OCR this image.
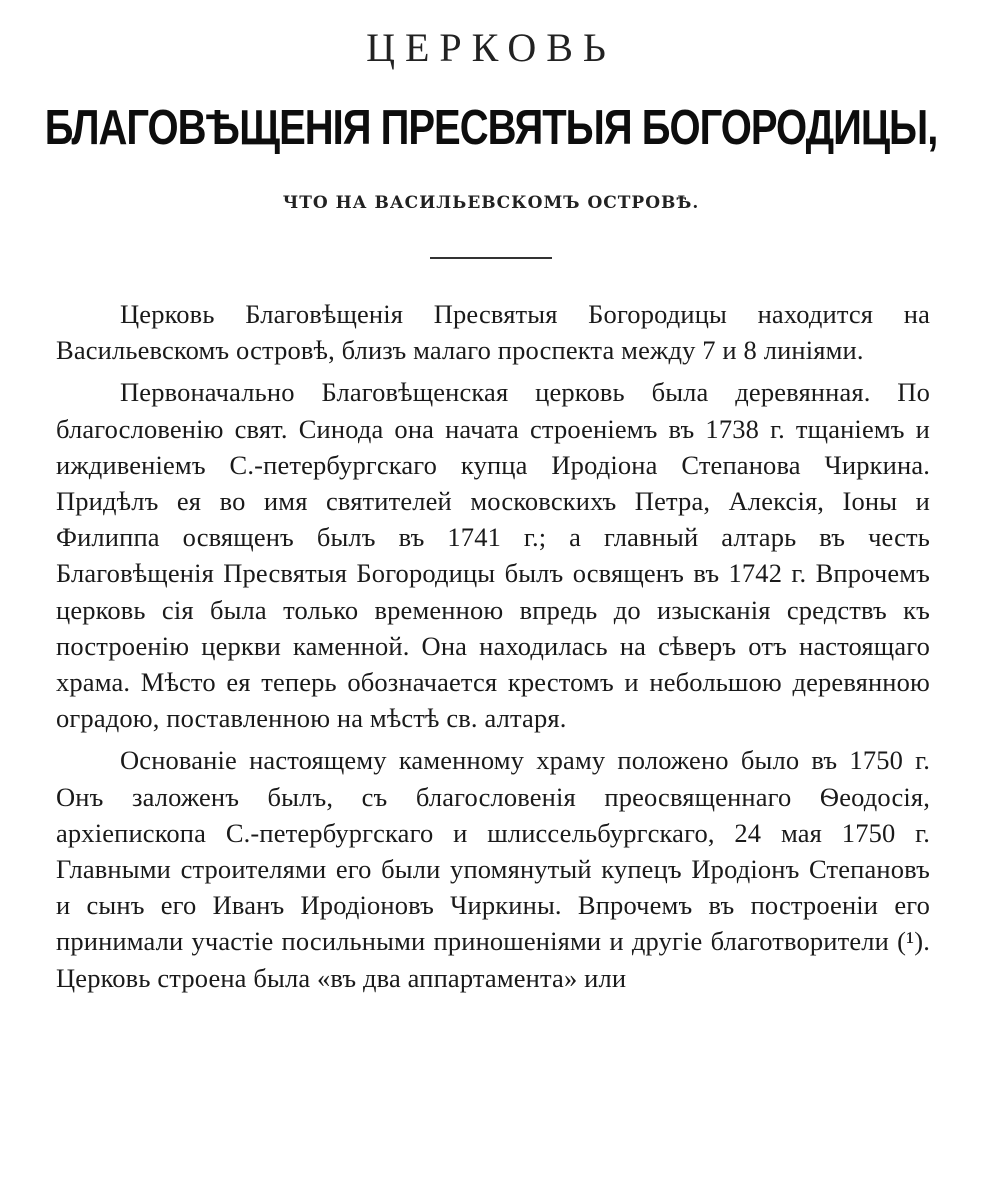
ЦЕРКОВЬ
БЛАГОВѢЩЕНІЯ ПРЕСВЯТЫЯ БОГОРОДИЦЫ,
ЧТО НА ВАСИЛЬЕВСКОМЪ ОСТРОВѢ.

Церковь Благовѣщенія Пресвятыя Богородицы находится на Васильевскомъ островѣ, близъ малаго проспекта между 7 и 8 линіями.

Первоначально Благовѣщенская церковь была деревянная. По благословенію свят. Синода она начата строеніемъ въ 1738 г. тщаніемъ и иждивеніемъ С.-петербургскаго купца Иродіона Степанова Чиркина. Придѣлъ ея во имя святителей московскихъ Петра, Алексія, Іоны и Филиппа освященъ былъ въ 1741 г.; а главный алтарь въ честь Благовѣщенія Пресвятыя Богородицы былъ освященъ въ 1742 г. Впрочемъ церковь сія была только временною впредь до изысканія средствъ къ построенію церкви каменной. Она находилась на сѣверъ отъ настоящаго храма. Мѣсто ея теперь обозначается крестомъ и небольшою деревянною оградою, поставленною на мѣстѣ св. алтаря.

Основаніе настоящему каменному храму положено было въ 1750 г. Онъ заложенъ былъ, съ благословенія преосвященнаго Ѳеодосія, архіепископа С.-петербургскаго и шлиссельбургскаго, 24 мая 1750 г. Главными строителями его были упомянутый купецъ Иродіонъ Степановъ и сынъ его Иванъ Иродіоновъ Чиркины. Впрочемъ въ построеніи его принимали участіе посильными приношеніями и другіе благотворители (¹). Церковь строена была «въ два аппартамента» или
